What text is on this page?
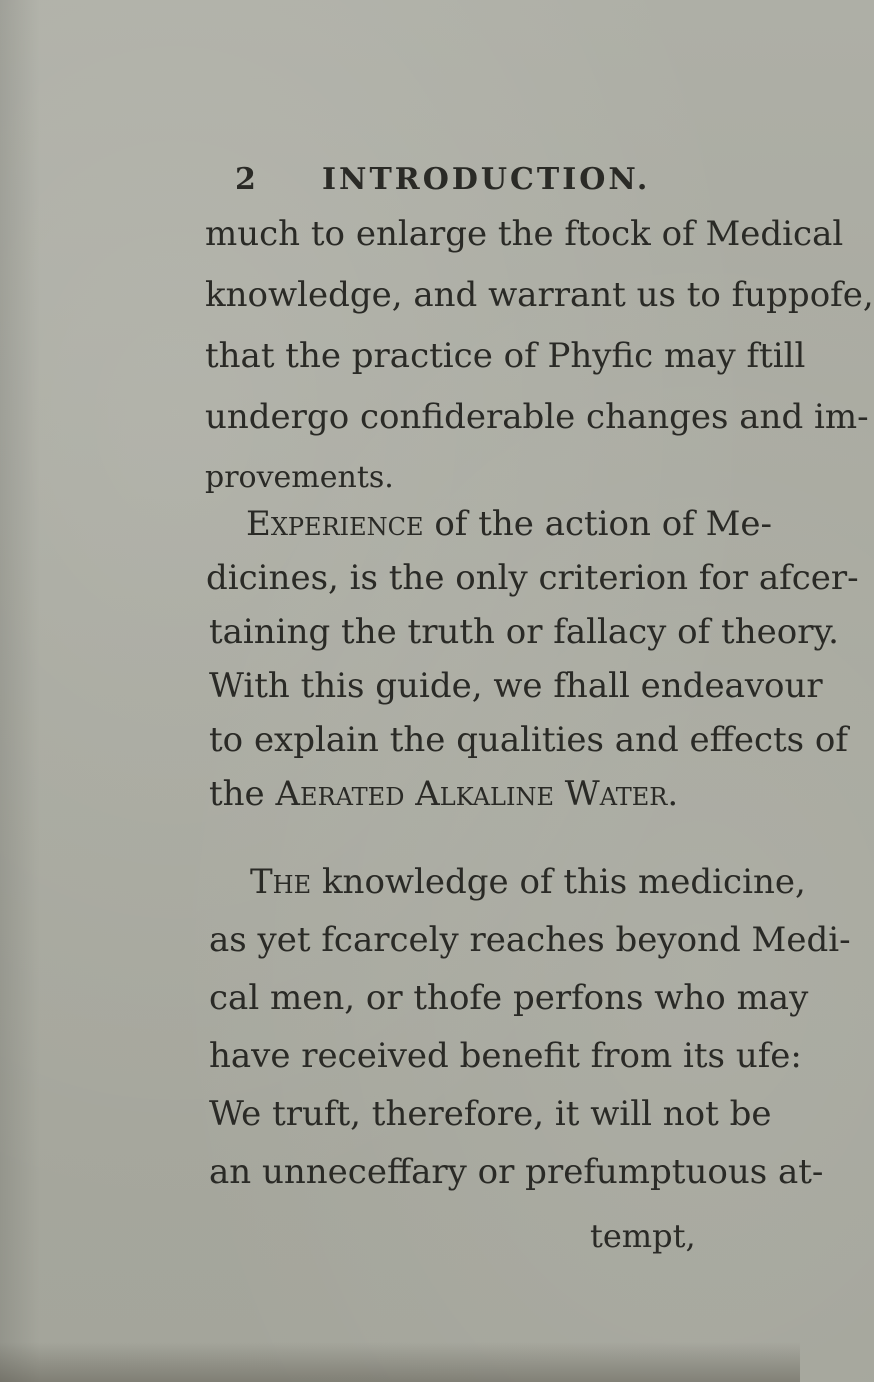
2 INTRODUCTION.
much to enlarge the ftock of Medical
knowledge, and warrant us to fuppofe,
that the practice of Phyfic may ftill
undergo confiderable changes and im-
provements.
Experience of the action of Me-
dicines, is the only criterion for afcer-
taining the truth or fallacy of theory.
With this guide, we fhall endeavour
to explain the qualities and effects of
the Aerated Alkaline Water.
The knowledge of this medicine,
as yet fcarcely reaches beyond Medi-
cal men, or thofe perfons who may
have received benefit from its ufe:
We truft, therefore, it will not be
an unneceffary or prefumptuous at-
tempt,
